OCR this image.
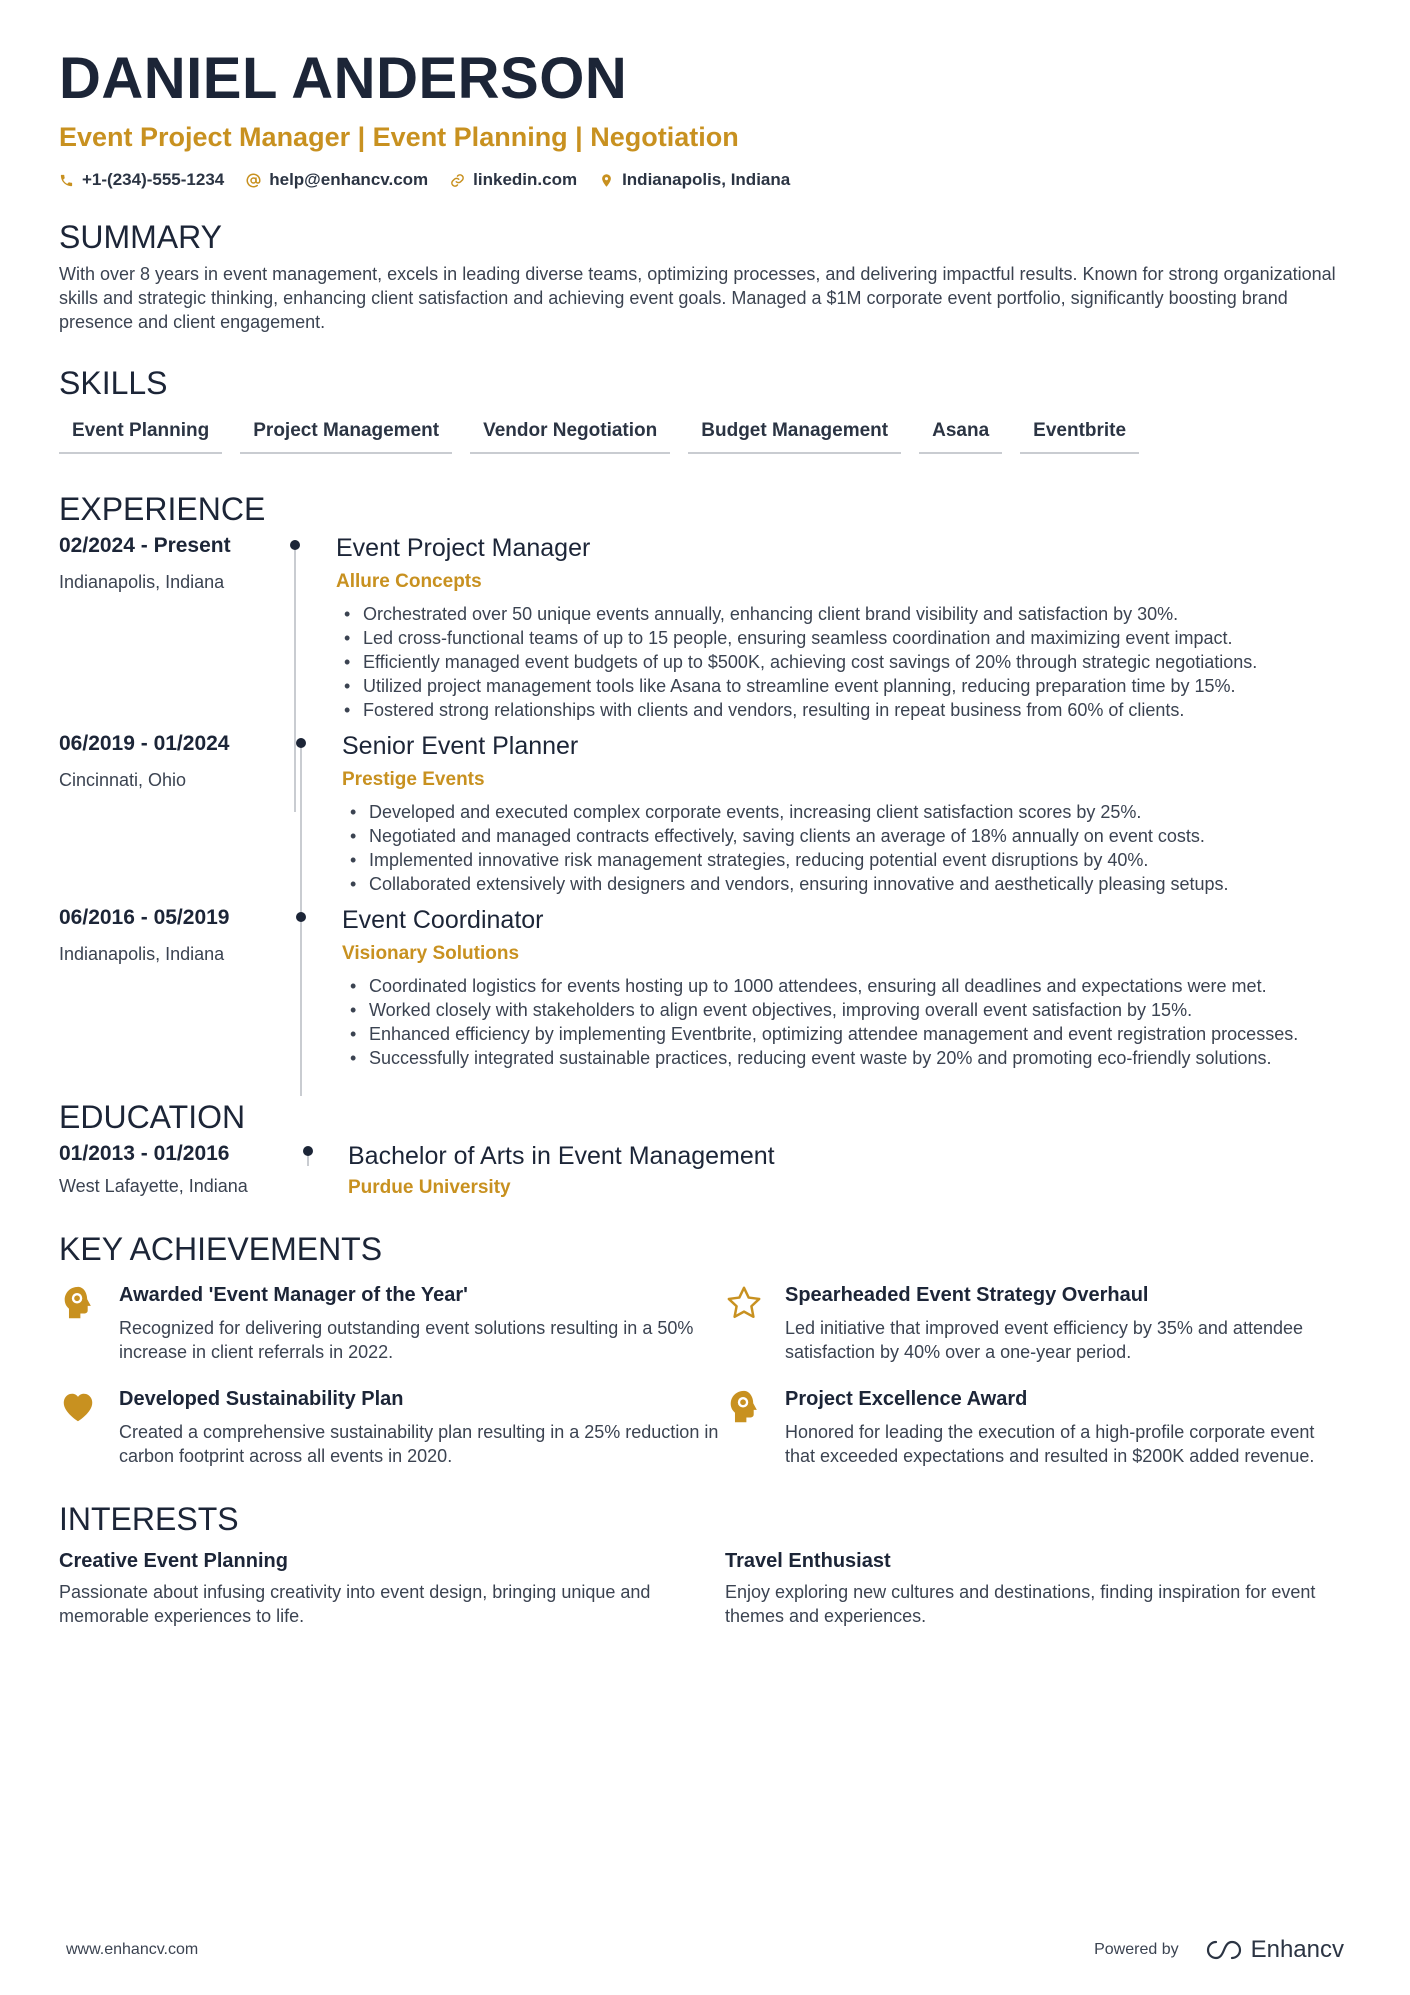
DANIEL ANDERSON
Event Project Manager | Event Planning | Negotiation
+1-(234)-555-1234	help@enhancv.com	linkedin.com	Indianapolis, Indiana
SUMMARY
With over 8 years in event management, excels in leading diverse teams, optimizing processes, and delivering impactful results. Known for strong organizational skills and strategic thinking, enhancing client satisfaction and achieving event goals. Managed a $1M corporate event portfolio, significantly boosting brand presence and client engagement.
SKILLS
Event Planning	Project Management	Vendor Negotiation	Budget Management	Asana	Eventbrite
EXPERIENCE
02/2024 - Present
Indianapolis, Indiana
Event Project Manager
Allure Concepts
• Orchestrated over 50 unique events annually, enhancing client brand visibility and satisfaction by 30%.
• Led cross-functional teams of up to 15 people, ensuring seamless coordination and maximizing event impact.
• Efficiently managed event budgets of up to $500K, achieving cost savings of 20% through strategic negotiations.
• Utilized project management tools like Asana to streamline event planning, reducing preparation time by 15%.
• Fostered strong relationships with clients and vendors, resulting in repeat business from 60% of clients.
06/2019 - 01/2024
Cincinnati, Ohio
Senior Event Planner
Prestige Events
• Developed and executed complex corporate events, increasing client satisfaction scores by 25%.
• Negotiated and managed contracts effectively, saving clients an average of 18% annually on event costs.
• Implemented innovative risk management strategies, reducing potential event disruptions by 40%.
• Collaborated extensively with designers and vendors, ensuring innovative and aesthetically pleasing setups.
06/2016 - 05/2019
Indianapolis, Indiana
Event Coordinator
Visionary Solutions
• Coordinated logistics for events hosting up to 1000 attendees, ensuring all deadlines and expectations were met.
• Worked closely with stakeholders to align event objectives, improving overall event satisfaction by 15%.
• Enhanced efficiency by implementing Eventbrite, optimizing attendee management and event registration processes.
• Successfully integrated sustainable practices, reducing event waste by 20% and promoting eco-friendly solutions.
EDUCATION
01/2013 - 01/2016
West Lafayette, Indiana
Bachelor of Arts in Event Management
Purdue University
KEY ACHIEVEMENTS
Awarded 'Event Manager of the Year'
Recognized for delivering outstanding event solutions resulting in a 50% increase in client referrals in 2022.
Spearheaded Event Strategy Overhaul
Led initiative that improved event efficiency by 35% and attendee satisfaction by 40% over a one-year period.
Developed Sustainability Plan
Created a comprehensive sustainability plan resulting in a 25% reduction in carbon footprint across all events in 2020.
Project Excellence Award
Honored for leading the execution of a high-profile corporate event that exceeded expectations and resulted in $200K added revenue.
INTERESTS
Creative Event Planning
Passionate about infusing creativity into event design, bringing unique and memorable experiences to life.
Travel Enthusiast
Enjoy exploring new cultures and destinations, finding inspiration for event themes and experiences.
www.enhancv.com	Powered by	Enhancv
